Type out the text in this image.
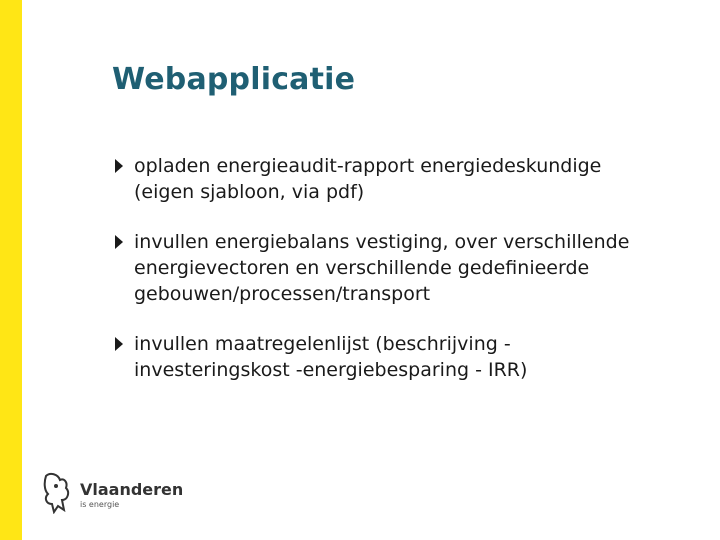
Webapplicatie
opladen energieaudit-rapport energiedeskundige
(eigen sjabloon, via pdf)
invullen energiebalans vestiging, over verschillende
energievectoren en verschillende gedefinieerde
gebouwen/processen/transport
invullen maatregelenlijst (beschrijving -
investeringskost -energiebesparing - IRR)
Vlaanderen
is energie
